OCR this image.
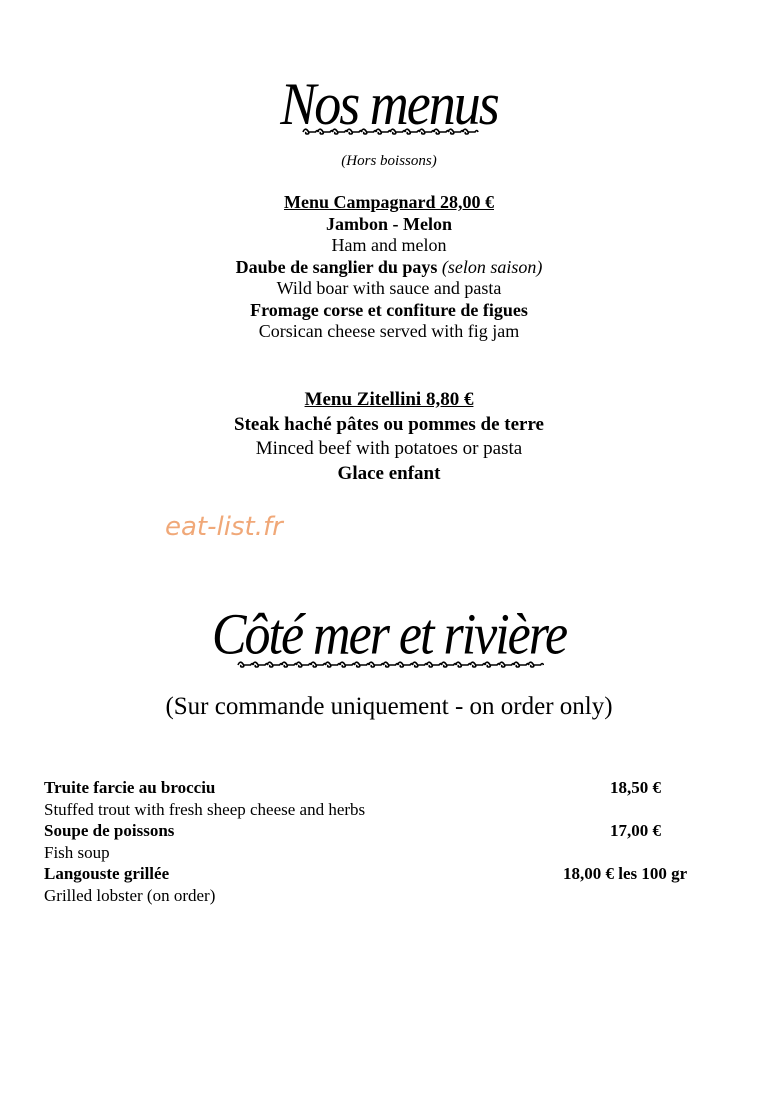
Nos menus
(Hors boissons)
Menu Campagnard 28,00 €
Jambon - Melon
Ham and melon
Daube de sanglier du pays (selon saison)
Wild boar with sauce and pasta
Fromage corse et confiture de figues
Corsican cheese served with fig jam
Menu Zitellini 8,80 €
Steak haché pâtes ou pommes de terre
Minced beef with potatoes or pasta
Glace enfant
eat-list.fr
Côté mer et rivière
(Sur commande uniquement - on order only)
Truite farcie au brocciu	18,50 €
Stuffed trout with fresh sheep cheese and herbs
Soupe de poissons	17,00 €
Fish soup
Langouste grillée	18,00 € les 100 gr
Grilled lobster (on order)
